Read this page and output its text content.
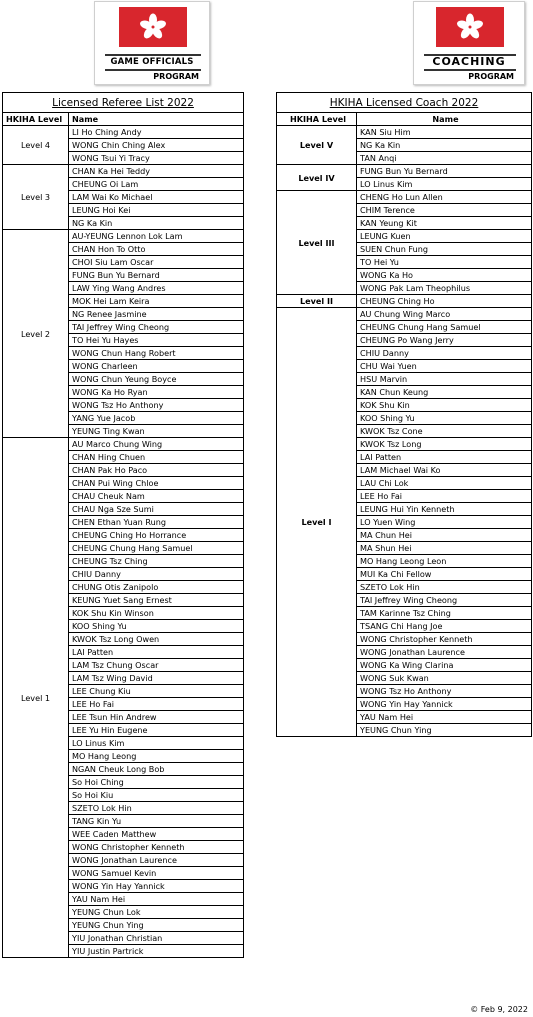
GAME OFFICIALS
PROGRAM
COACHING
PROGRAM
Licensed Referee List 2022	
HKIHA Level	Name
Level 4	LI Ho Ching Andy
	WONG Chin Ching Alex
	WONG Tsui Yi Tracy
Level 3	CHAN Ka Hei Teddy
	CHEUNG Oi Lam
	LAM Wai Ko Michael
	LEUNG Hoi Kei
	NG Ka Kin
Level 2	AU-YEUNG Lennon Lok Lam
	CHAN Hon To Otto
	CHOI Siu Lam Oscar
	FUNG Bun Yu Bernard
	LAW Ying Wang Andres
	MOK Hei Lam Keira
	NG Renee Jasmine
	TAI Jeffrey Wing Cheong
	TO Hei Yu Hayes
	WONG Chun Hang Robert
	WONG Charleen
	WONG Chun Yeung Boyce
	WONG Ka Ho Ryan
	WONG Tsz Ho Anthony
	YANG Yue Jacob
	YEUNG Ting Kwan
Level 1	AU Marco Chung Wing
	CHAN Hing Chuen
	CHAN Pak Ho Paco
	CHAN Pui Wing Chloe
	CHAU Cheuk Nam
	CHAU Nga Sze Sumi
	CHEN Ethan Yuan Rung
	CHEUNG Ching Ho Horrance
	CHEUNG Chung Hang Samuel
	CHEUNG Tsz Ching
	CHIU Danny
	CHUNG Otis Zanipolo
	KEUNG Yuet Sang Ernest
	KOK Shu Kin Winson
	KOO Shing Yu
	KWOK Tsz Long Owen
	LAI Patten
	LAM Tsz Chung Oscar
	LAM Tsz Wing David
	LEE Chung Kiu
	LEE Ho Fai
	LEE Tsun Hin Andrew
	LEE Yu Hin Eugene
	LO Linus Kim
	MO Hang Leong
	NGAN Cheuk Long Bob
	So Hoi Ching
	So Hoi Kiu
	SZETO Lok Hin
	TANG Kin Yu
	WEE Caden Matthew
	WONG Christopher Kenneth
	WONG Jonathan Laurence
	WONG Samuel Kevin
	WONG Yin Hay Yannick
	YAU Nam Hei
	YEUNG Chun Lok
	YEUNG Chun Ying
	YIU Jonathan Christian
	YIU Justin Partrick
HKIHA Licensed Coach 2022	
HKIHA Level	Name
Level V	KAN Siu Him
	NG Ka Kin
	TAN Anqi
Level IV	FUNG Bun Yu Bernard
	LO Linus Kim
Level III	CHENG Ho Lun Allen
	CHIM Terence
	KAN Yeung Kit
	LEUNG Kuen
	SUEN Chun Fung
	TO Hei Yu
	WONG Ka Ho
	WONG Pak Lam Theophilus
Level II	CHEUNG Ching Ho
Level I	AU Chung Wing Marco
	CHEUNG Chung Hang Samuel
	CHEUNG Po Wang Jerry
	CHIU Danny
	CHU Wai Yuen
	HSU Marvin
	KAN Chun Keung
	KOK Shu Kin
	KOO Shing Yu
	KWOK Tsz Cone
	KWOK Tsz Long
	LAI Patten
	LAM Michael Wai Ko
	LAU Chi Lok
	LEE Ho Fai
	LEUNG Hui Yin Kenneth
	LO Yuen Wing
	MA Chun Hei
	MA Shun Hei
	MO Hang Leong Leon
	MUI Ka Chi Fellow
	SZETO Lok Hin
	TAI Jeffrey Wing Cheong
	TAM Karinne Tsz Ching
	TSANG Chi Hang Joe
	WONG Christopher Kenneth
	WONG Jonathan Laurence
	WONG Ka Wing Clarina
	WONG Suk Kwan
	WONG Tsz Ho Anthony
	WONG Yin Hay Yannick
	YAU Nam Hei
	YEUNG Chun Ying
© Feb 9, 2022
